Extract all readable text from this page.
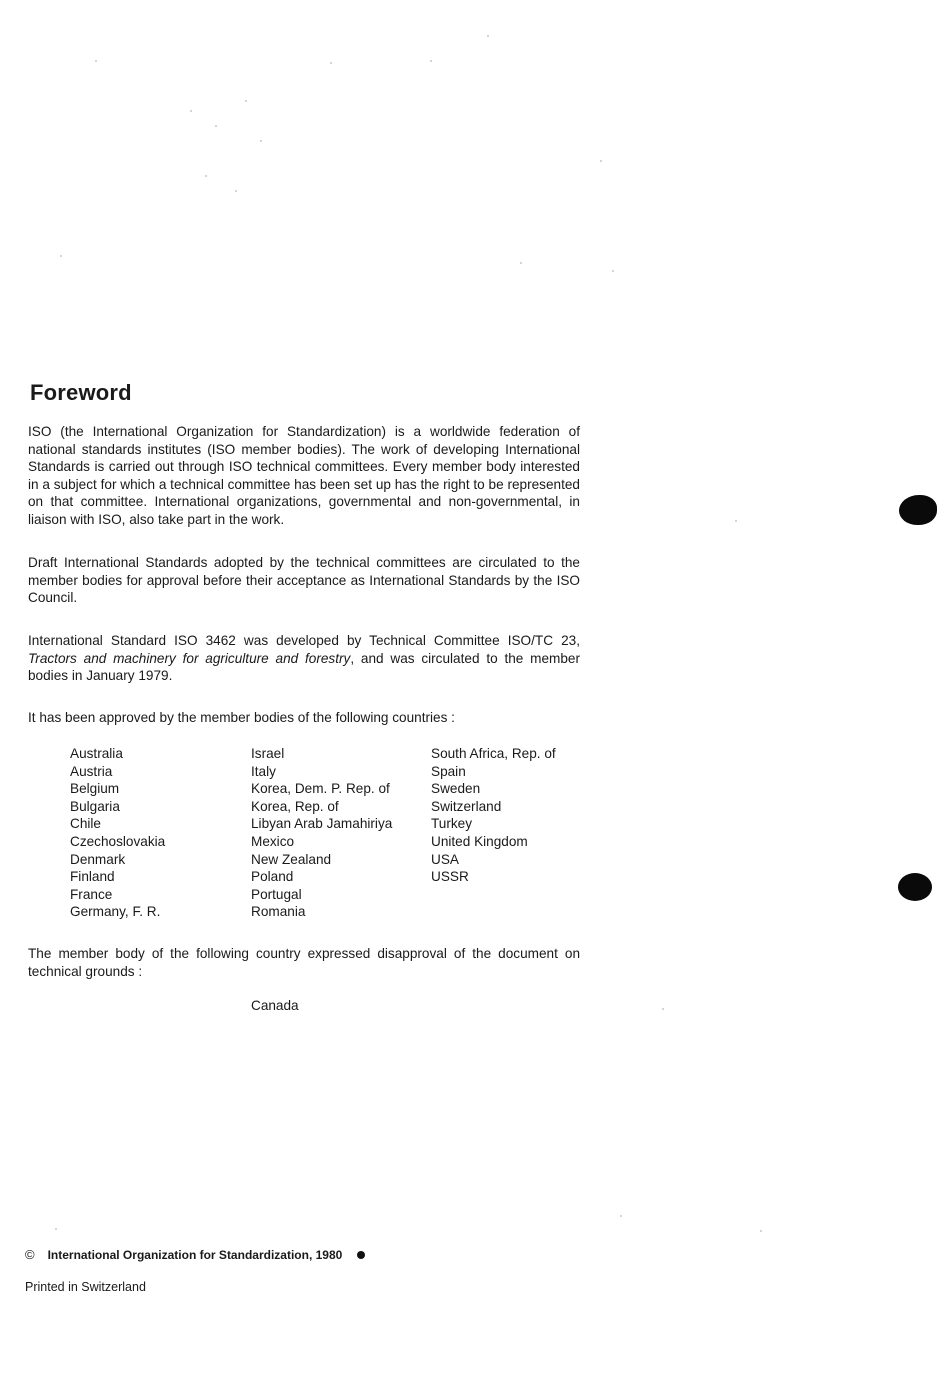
Foreword

ISO (the International Organization for Standardization) is a worldwide federation of national standards institutes (ISO member bodies). The work of developing International Standards is carried out through ISO technical committees. Every member body interested in a subject for which a technical committee has been set up has the right to be represented on that committee. International organizations, governmental and non-governmental, in liaison with ISO, also take part in the work.

Draft International Standards adopted by the technical committees are circulated to the member bodies for approval before their acceptance as International Standards by the ISO Council.

International Standard ISO 3462 was developed by Technical Committee ISO/TC 23, Tractors and machinery for agriculture and forestry, and was circulated to the member bodies in January 1979.

It has been approved by the member bodies of the following countries :

Australia
Austria
Belgium
Bulgaria
Chile
Czechoslovakia
Denmark
Finland
France
Germany, F. R.
Israel
Italy
Korea, Dem. P. Rep. of
Korea, Rep. of
Libyan Arab Jamahiriya
Mexico
New Zealand
Poland
Portugal
Romania
South Africa, Rep. of
Spain
Sweden
Switzerland
Turkey
United Kingdom
USA
USSR

The member body of the following country expressed disapproval of the document on technical grounds :

Canada

© International Organization for Standardization, 1980

Printed in Switzerland
